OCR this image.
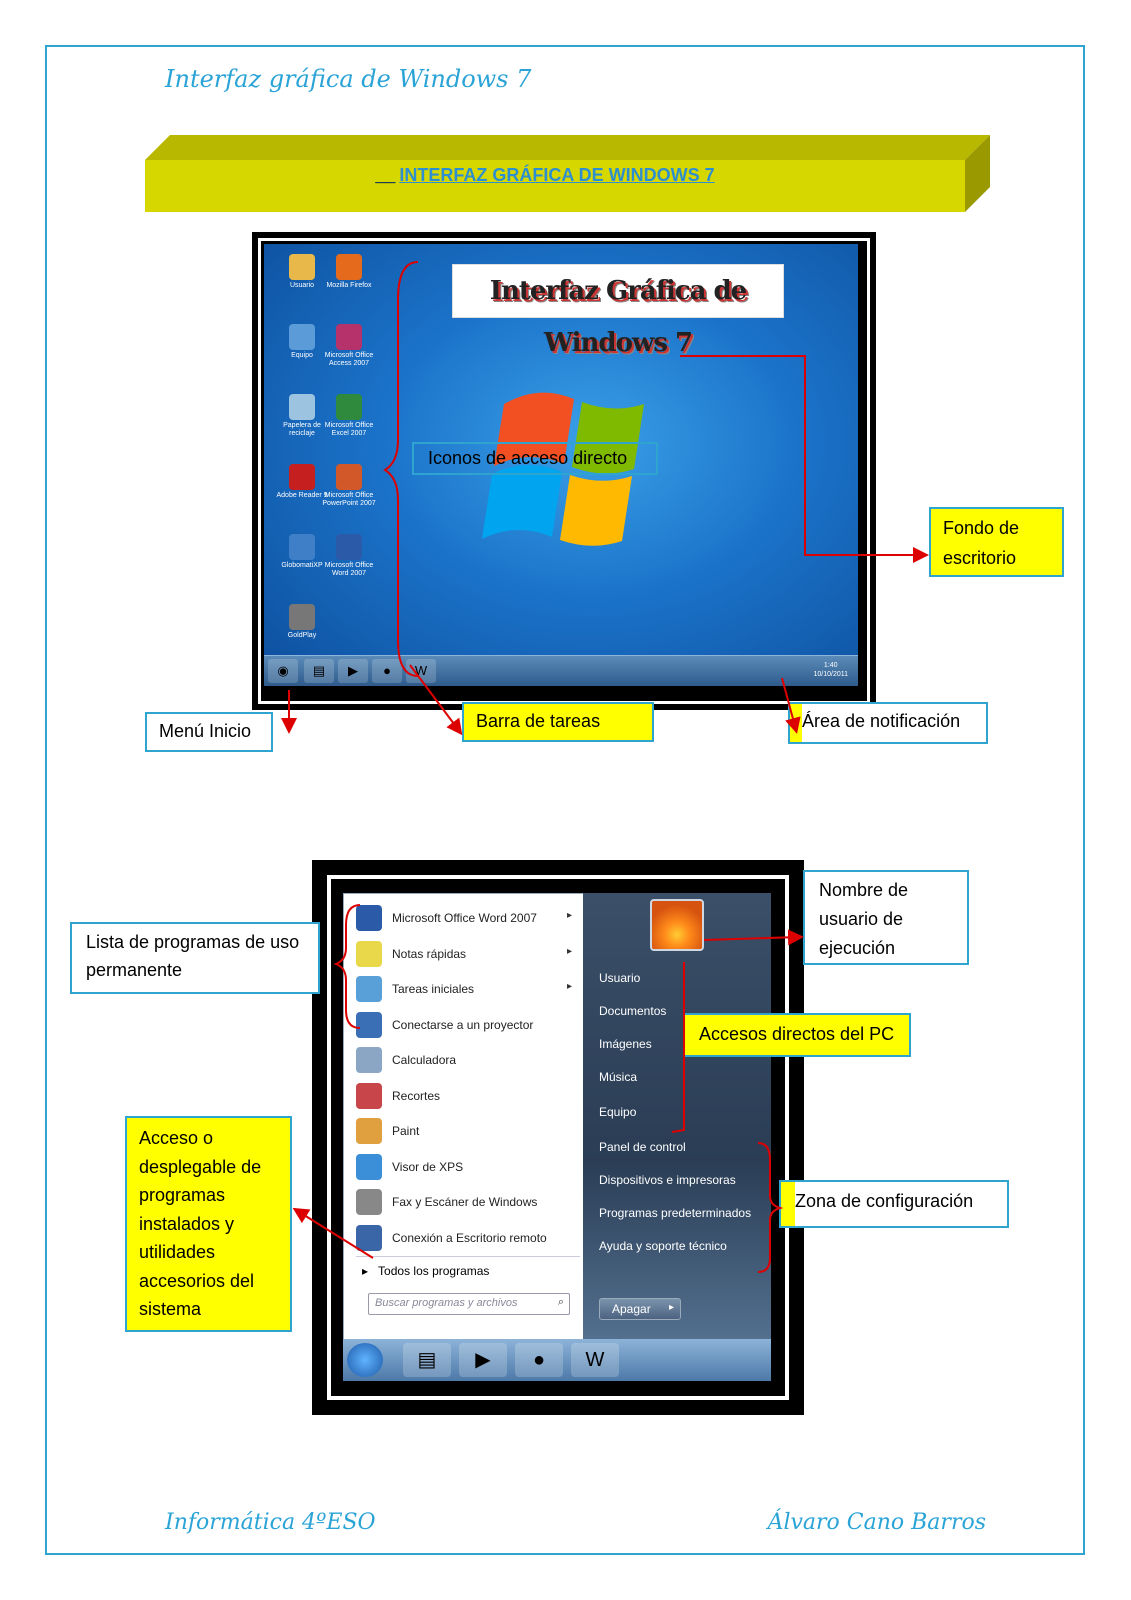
Interfaz gráfica de Windows 7
__ INTERFAZ GRÁFICA DE WINDOWS 7
Usuario	Mozilla Firefox
Equipo	Microsoft Office Access 2007
Papelera de reciclaje
Microsoft Office Excel 2007
Adobe Reader 9
Microsoft Office PowerPoint 2007
GlobomatiXP Microsoft Office Word 2007
GoldPlay
Interfaz Gráfica de Windows 7
◉	▤	▶	●	W	1:40
10/10/2011
Iconos de acceso directo
Fondo de escritorio
Menú Inicio	Barra de tareas	Área de notificación
Microsoft Office Word 2007	▸
Notas rápidas	▸
Tareas iniciales	▸
Conectarse a un proyector
Calculadora
Recortes
Paint
Visor de XPS
Fax y Escáner de Windows
Conexión a Escritorio remoto
▸ Todos los programas
Buscar programas y archivos	⌕
Usuario
Documentos
Imágenes
Música
Equipo
Panel de control
Dispositivos e impresoras
Programas predeterminados
Ayuda y soporte técnico
Apagar ▸
▤	▶	●	W
Lista de programas de uso permanente
Nombre de usuario de ejecución
Accesos directos del PC
Acceso o desplegable de programas instalados y utilidades accesorios del sistema
Zona de configuración
Informática 4ºESO	Álvaro Cano Barros
